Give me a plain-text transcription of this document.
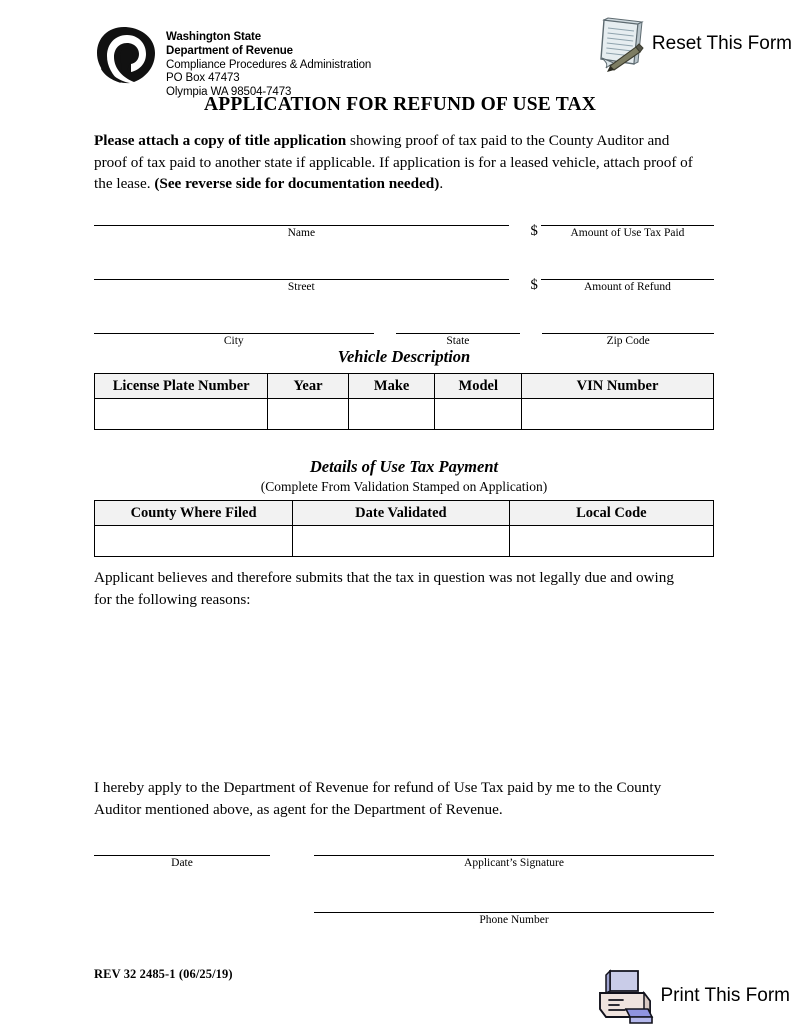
Washington State
Department of Revenue
Compliance Procedures & Administration
PO Box 47473
Olympia WA 98504-7473
Reset This Form
APPLICATION FOR REFUND OF USE TAX
Please attach a copy of title application showing proof of tax paid to the County Auditor and proof of tax paid to another state if applicable. If application is for a leased vehicle, attach proof of the lease. (See reverse side for documentation needed).
Name	$	Amount of Use Tax Paid
Street	$	Amount of Refund
City	State	Zip Code
Vehicle Description
License Plate Number	Year	Make	Model	VIN Number

Details of Use Tax Payment
(Complete From Validation Stamped on Application)
County Where Filed	Date Validated	Local Code

Applicant believes and therefore submits that the tax in question was not legally due and owing for the following reasons:
I hereby apply to the Department of Revenue for refund of Use Tax paid by me to the County Auditor mentioned above, as agent for the Department of Revenue.
Date	Applicant’s Signature
Phone Number
REV 32 2485-1 (06/25/19)
Print This Form
